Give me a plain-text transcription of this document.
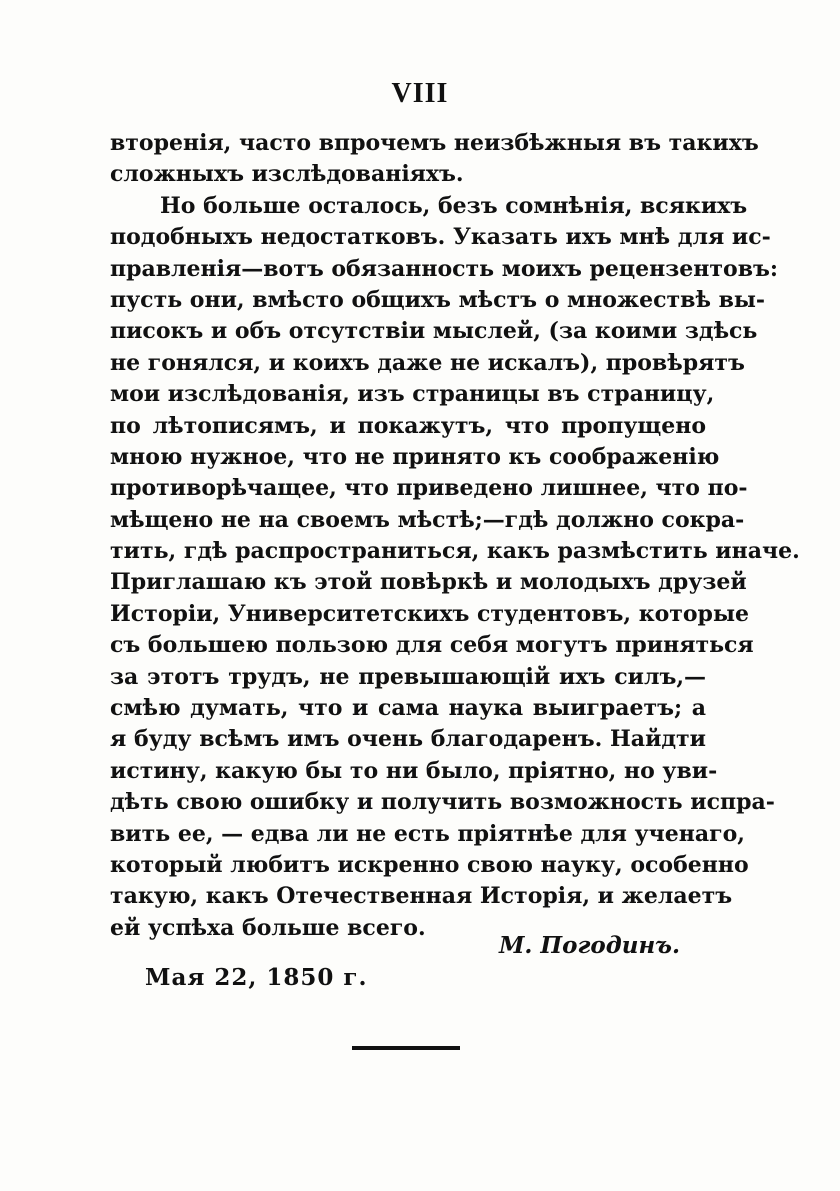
VIII
вторенія, часто впрочемъ неизбѣжныя въ такихъ
сложныхъ изслѣдованіяхъ.
Но больше осталось, безъ сомнѣнія, всякихъ
подобныхъ недостатковъ. Указать ихъ мнѣ для ис-
правленія—вотъ обязанность моихъ рецензентовъ:
пусть они, вмѣсто общихъ мѣстъ о множествѣ вы-
писокъ и объ отсутствіи мыслей, (за коими здѣсь
не гонялся, и коихъ даже не искалъ), провѣрятъ
мои изслѣдованія, изъ страницы въ страницу,
по лѣтописямъ, и покажутъ, что пропущено
мною нужное, что не принято къ соображенію
противорѣчащее, что приведено лишнее, что по-
мѣщено не на своемъ мѣстѣ;—гдѣ должно сокра-
тить, гдѣ распространиться, какъ размѣстить иначе.
Приглашаю къ этой повѣркѣ и молодыхъ друзей
Исторіи, Университетскихъ студентовъ, которые
съ большею пользою для себя могутъ приняться
за этотъ трудъ, не превышающій ихъ силъ,—
смѣю думать, что и сама наука выиграетъ; а
я буду всѣмъ имъ очень благодаренъ. Найдти
истину, какую бы то ни было, пріятно, но уви-
дѣть свою ошибку и получить возможность испра-
вить ее, — едва ли не есть пріятнѣе для ученаго,
который любитъ искренно свою науку, особенно
такую, какъ Отечественная Исторія, и желаетъ
ей успѣха больше всего.
М. Погодинъ.
Мая 22, 1850 г.
